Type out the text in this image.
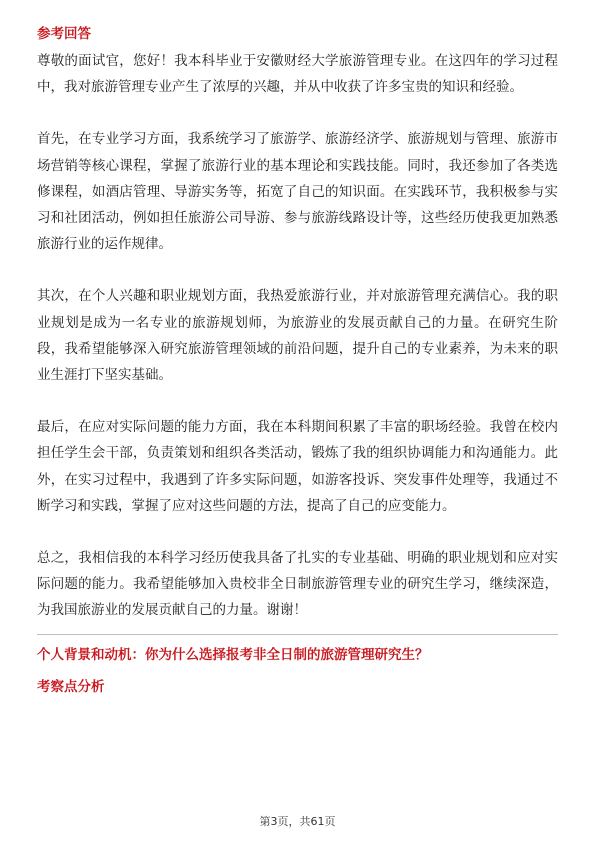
参考回答

尊敬的面试官，您好！我本科毕业于安徽财经大学旅游管理专业。在这四年的学习过程中，我对旅游管理专业产生了浓厚的兴趣，并从中收获了许多宝贵的知识和经验。

首先，在专业学习方面，我系统学习了旅游学、旅游经济学、旅游规划与管理、旅游市场营销等核心课程，掌握了旅游行业的基本理论和实践技能。同时，我还参加了各类选修课程，如酒店管理、导游实务等，拓宽了自己的知识面。在实践环节，我积极参与实习和社团活动，例如担任旅游公司导游、参与旅游线路设计等，这些经历使我更加熟悉旅游行业的运作规律。

其次，在个人兴趣和职业规划方面，我热爱旅游行业，并对旅游管理充满信心。我的职业规划是成为一名专业的旅游规划师，为旅游业的发展贡献自己的力量。在研究生阶段，我希望能够深入研究旅游管理领域的前沿问题，提升自己的专业素养，为未来的职业生涯打下坚实基础。

最后，在应对实际问题的能力方面，我在本科期间积累了丰富的职场经验。我曾在校内担任学生会干部，负责策划和组织各类活动，锻炼了我的组织协调能力和沟通能力。此外，在实习过程中，我遇到了许多实际问题，如游客投诉、突发事件处理等，我通过不断学习和实践，掌握了应对这些问题的方法，提高了自己的应变能力。

总之，我相信我的本科学习经历使我具备了扎实的专业基础、明确的职业规划和应对实际问题的能力。我希望能够加入贵校非全日制旅游管理专业的研究生学习，继续深造，为我国旅游业的发展贡献自己的力量。谢谢！

个人背景和动机：你为什么选择报考非全日制的旅游管理研究生？

考察点分析

第3页，共61页
